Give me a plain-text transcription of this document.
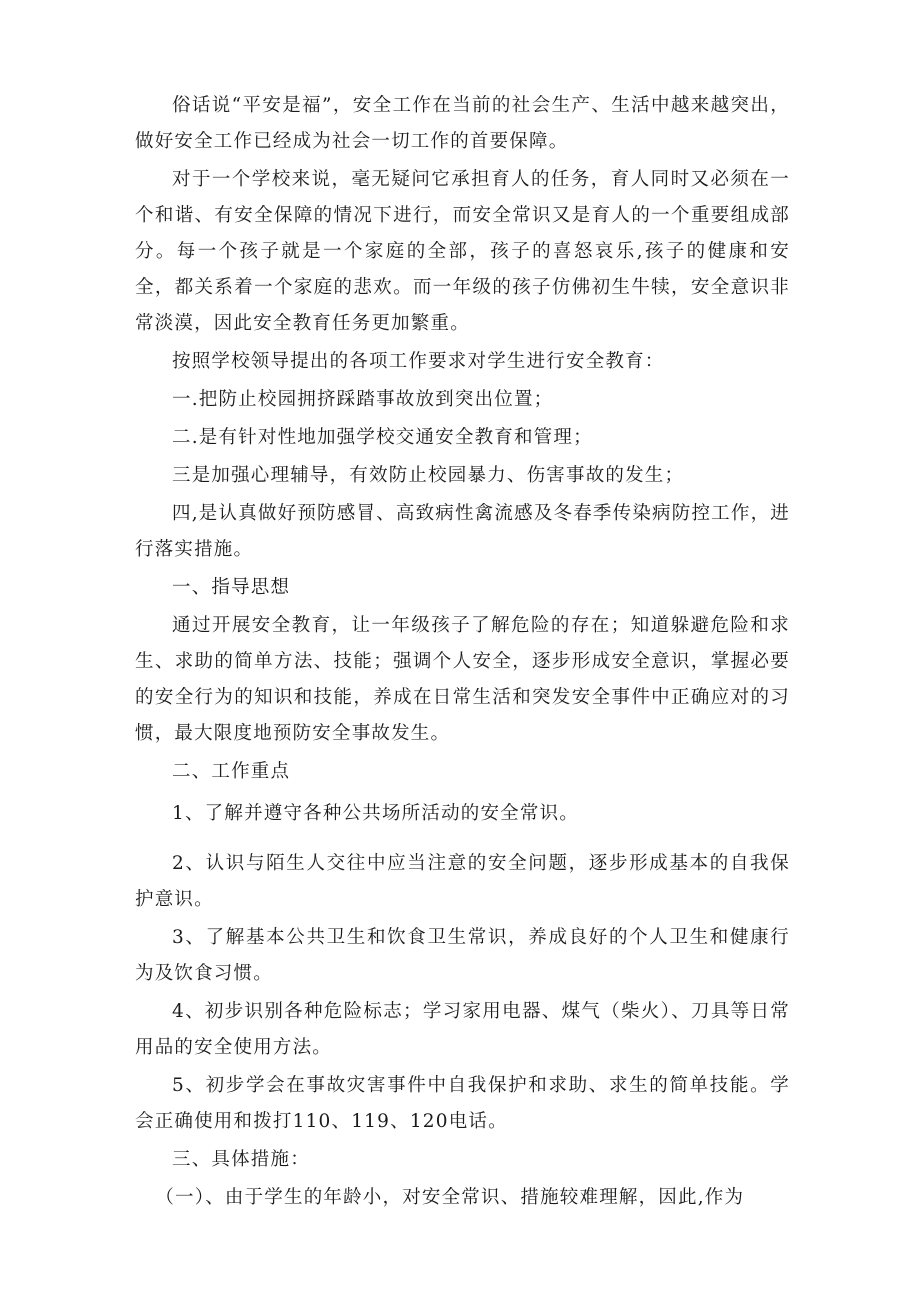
俗话说“平安是福”，安全工作在当前的社会生产、生活中越来越突出，做好安全工作已经成为社会一切工作的首要保障。

对于一个学校来说，毫无疑问它承担育人的任务，育人同时又必须在一个和谐、有安全保障的情况下进行，而安全常识又是育人的一个重要组成部分。每一个孩子就是一个家庭的全部，孩子的喜怒哀乐,孩子的健康和安全，都关系着一个家庭的悲欢。而一年级的孩子仿佛初生牛犊，安全意识非常淡漠，因此安全教育任务更加繁重。

按照学校领导提出的各项工作要求对学生进行安全教育：

一.把防止校园拥挤踩踏事故放到突出位置；

二.是有针对性地加强学校交通安全教育和管理；

三是加强心理辅导，有效防止校园暴力、伤害事故的发生；

四,是认真做好预防感冒、高致病性禽流感及冬春季传染病防控工作，进行落实措施。

一、指导思想

通过开展安全教育，让一年级孩子了解危险的存在；知道躲避危险和求生、求助的简单方法、技能；强调个人安全，逐步形成安全意识，掌握必要的安全行为的知识和技能，养成在日常生活和突发安全事件中正确应对的习惯，最大限度地预防安全事故发生。

二、工作重点

1、了解并遵守各种公共场所活动的安全常识。

2、认识与陌生人交往中应当注意的安全问题，逐步形成基本的自我保护意识。

3、了解基本公共卫生和饮食卫生常识，养成良好的个人卫生和健康行为及饮食习惯。

4、初步识别各种危险标志；学习家用电器、煤气（柴火）、刀具等日常用品的安全使用方法。

5、初步学会在事故灾害事件中自我保护和求助、求生的简单技能。学会正确使用和拨打110、119、120电话。

三、具体措施：

（一）、由于学生的年龄小，对安全常识、措施较难理解，因此,作为
